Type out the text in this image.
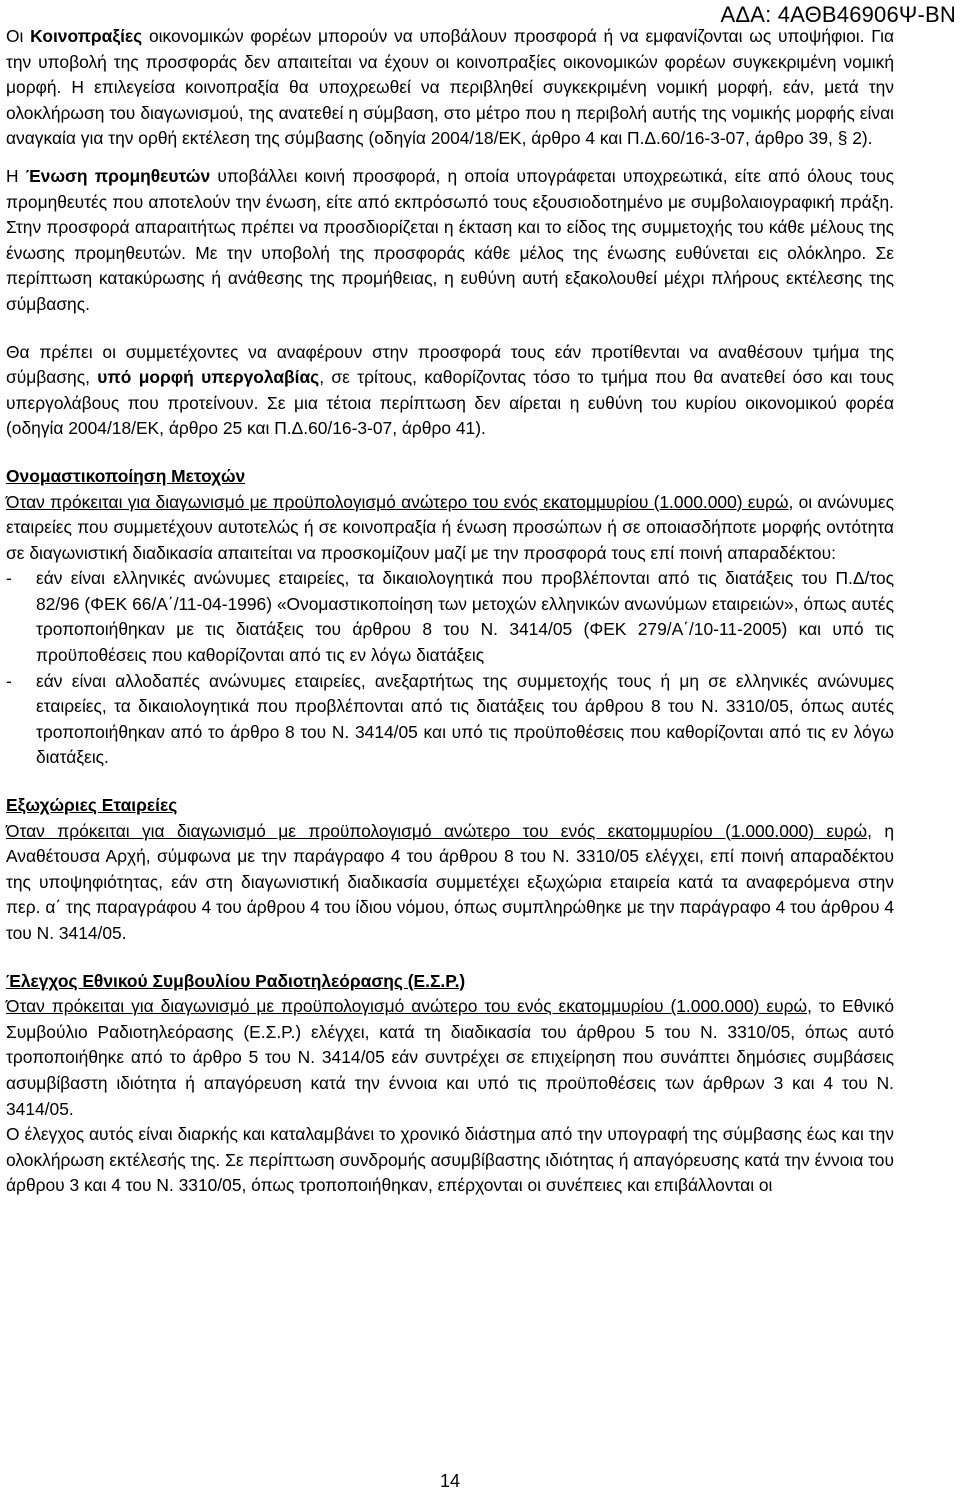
ΑΔΑ: 4ΑΘΒ46906Ψ-ΒΝ

Οι Κοινοπραξίες οικονομικών φορέων μπορούν να υποβάλουν προσφορά ή να εμφανίζονται ως υποψήφιοι. Για την υποβολή της προσφοράς δεν απαιτείται να έχουν οι κοινοπραξίες οικονομικών φορέων συγκεκριμένη νομική μορφή. Η επιλεγείσα κοινοπραξία θα υποχρεωθεί να περιβληθεί συγκεκριμένη νομική μορφή, εάν, μετά την ολοκλήρωση του διαγωνισμού, της ανατεθεί η σύμβαση, στο μέτρο που η περιβολή αυτής της νομικής μορφής είναι αναγκαία για την ορθή εκτέλεση της σύμβασης (οδηγία 2004/18/ΕΚ, άρθρο 4 και Π.Δ.60/16-3-07, άρθρο 39, § 2).

Η Ένωση προμηθευτών υποβάλλει κοινή προσφορά, η οποία υπογράφεται υποχρεωτικά, είτε από όλους τους προμηθευτές που αποτελούν την ένωση, είτε από εκπρόσωπό τους εξουσιοδοτημένο με συμβολαιογραφική πράξη. Στην προσφορά απαραιτήτως πρέπει να προσδιορίζεται η έκταση και το είδος της συμμετοχής του κάθε μέλους της ένωσης προμηθευτών. Με την υποβολή της προσφοράς κάθε μέλος της ένωσης ευθύνεται εις ολόκληρο. Σε περίπτωση κατακύρωσης ή ανάθεσης της προμήθειας, η ευθύνη αυτή εξακολουθεί μέχρι πλήρους εκτέλεσης της σύμβασης.

Θα πρέπει οι συμμετέχοντες να αναφέρουν στην προσφορά τους εάν προτίθενται να αναθέσουν τμήμα της σύμβασης, υπό μορφή υπεργολαβίας, σε τρίτους, καθορίζοντας τόσο το τμήμα που θα ανατεθεί όσο και τους υπεργολάβους που προτείνουν. Σε μια τέτοια περίπτωση δεν αίρεται η ευθύνη του κυρίου οικονομικού φορέα (οδηγία 2004/18/ΕΚ, άρθρο 25 και Π.Δ.60/16-3-07, άρθρο 41).

Ονομαστικοποίηση Μετοχών

Όταν πρόκειται για διαγωνισμό με προϋπολογισμό ανώτερο του ενός εκατομμυρίου (1.000.000) ευρώ, οι ανώνυμες εταιρείες που συμμετέχουν αυτοτελώς ή σε κοινοπραξία ή ένωση προσώπων ή σε οποιασδήποτε μορφής οντότητα σε διαγωνιστική διαδικασία απαιτείται να προσκομίζουν μαζί με την προσφορά τους επί ποινή απαραδέκτου:

- εάν είναι ελληνικές ανώνυμες εταιρείες, τα δικαιολογητικά που προβλέπονται από τις διατάξεις του Π.Δ/τος 82/96 (ΦΕΚ 66/Α΄/11-04-1996) «Ονομαστικοποίηση των μετοχών ελληνικών ανωνύμων εταιρειών», όπως αυτές τροποποιήθηκαν με τις διατάξεις του άρθρου 8 του Ν. 3414/05 (ΦΕΚ 279/Α΄/10-11-2005) και υπό τις προϋποθέσεις που καθορίζονται από τις εν λόγω διατάξεις

- εάν είναι αλλοδαπές ανώνυμες εταιρείες, ανεξαρτήτως της συμμετοχής τους ή μη σε ελληνικές ανώνυμες εταιρείες, τα δικαιολογητικά που προβλέπονται από τις διατάξεις του άρθρου 8 του Ν. 3310/05, όπως αυτές τροποποιήθηκαν από το άρθρο 8 του Ν. 3414/05 και υπό τις προϋποθέσεις που καθορίζονται από τις εν λόγω διατάξεις.

Εξωχώριες Εταιρείες

Όταν πρόκειται για διαγωνισμό με προϋπολογισμό ανώτερο του ενός εκατομμυρίου (1.000.000) ευρώ, η Αναθέτουσα Αρχή, σύμφωνα με την παράγραφο 4 του άρθρου 8 του Ν. 3310/05 ελέγχει, επί ποινή απαραδέκτου της υποψηφιότητας, εάν στη διαγωνιστική διαδικασία συμμετέχει εξωχώρια εταιρεία κατά τα αναφερόμενα στην περ. α΄ της παραγράφου 4 του άρθρου 4 του ίδιου νόμου, όπως συμπληρώθηκε με την παράγραφο 4 του άρθρου 4 του Ν. 3414/05.

Έλεγχος Εθνικού Συμβουλίου Ραδιοτηλεόρασης (Ε.Σ.Ρ.)

Όταν πρόκειται για διαγωνισμό με προϋπολογισμό ανώτερο του ενός εκατομμυρίου (1.000.000) ευρώ, το Εθνικό Συμβούλιο Ραδιοτηλεόρασης (Ε.Σ.Ρ.) ελέγχει, κατά τη διαδικασία του άρθρου 5 του Ν. 3310/05, όπως αυτό τροποποιήθηκε από το άρθρο 5 του Ν. 3414/05 εάν συντρέχει σε επιχείρηση που συνάπτει δημόσιες συμβάσεις ασυμβίβαστη ιδιότητα ή απαγόρευση κατά την έννοια και υπό τις προϋποθέσεις των άρθρων 3 και 4 του Ν. 3414/05.

Ο έλεγχος αυτός είναι διαρκής και καταλαμβάνει το χρονικό διάστημα από την υπογραφή της σύμβασης έως και την ολοκλήρωση εκτέλεσής της. Σε περίπτωση συνδρομής ασυμβίβαστης ιδιότητας ή απαγόρευσης κατά την έννοια του άρθρου 3 και 4 του Ν. 3310/05, όπως τροποποιήθηκαν, επέρχονται οι συνέπειες και επιβάλλονται οι

14
